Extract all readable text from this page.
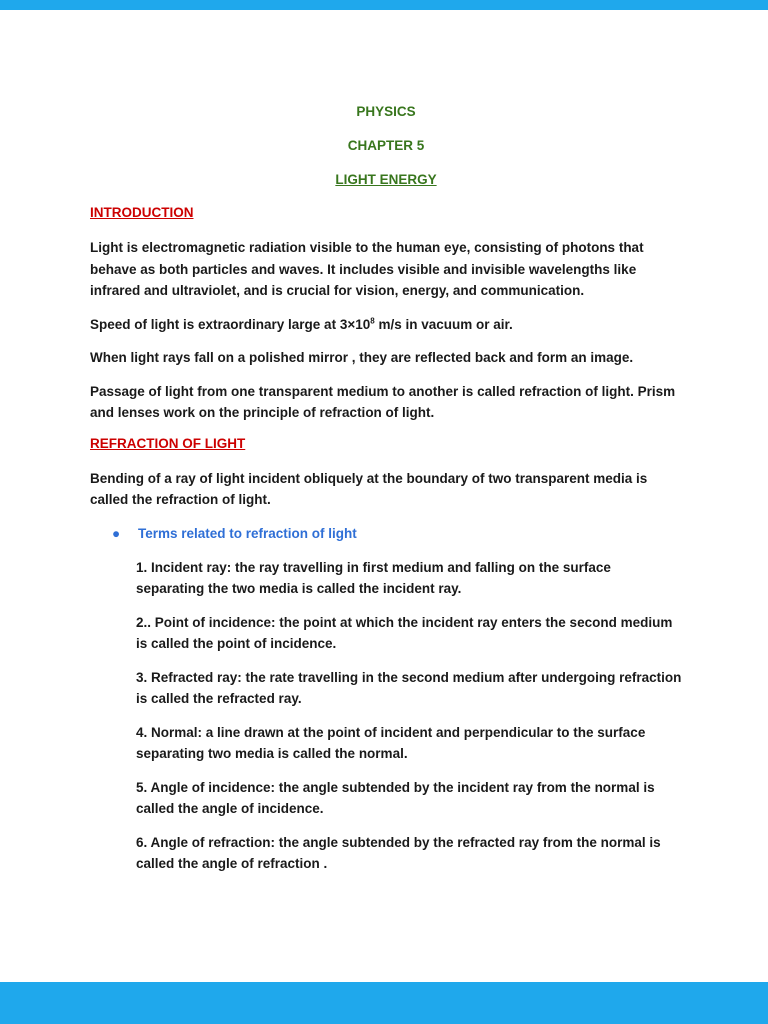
PHYSICS
CHAPTER 5
LIGHT ENERGY
INTRODUCTION
Light is electromagnetic radiation visible to the human eye, consisting of photons that behave as both particles and waves. It includes visible and invisible wavelengths like infrared and ultraviolet, and is crucial for vision, energy, and communication.
Speed of light is extraordinary large at $3\times 10^8$ m/s in vacuum or air.
When light rays fall on a polished mirror , they are reflected back and form an image.
Passage of light from one transparent medium to another is called refraction of light. Prism and lenses work on the principle of refraction of light.
REFRACTION OF LIGHT
Bending of a ray of light incident obliquely at the boundary of two transparent media is called the refraction of light.
● Terms related to refraction of light
1. Incident ray: the ray travelling in first medium and falling on the surface separating the two media is called the incident ray.
2.. Point of incidence: the point at which the incident ray enters the second medium is called the point of incidence.
3. Refracted ray: the rate travelling in the second medium after undergoing refraction is called the refracted ray.
4. Normal: a line drawn at the point of incident and perpendicular to the surface separating two media is called the normal.
5. Angle of incidence: the angle subtended by the incident ray from the normal is called the angle of incidence.
6. Angle of refraction: the angle subtended by the refracted ray from the normal is called the angle of refraction .
